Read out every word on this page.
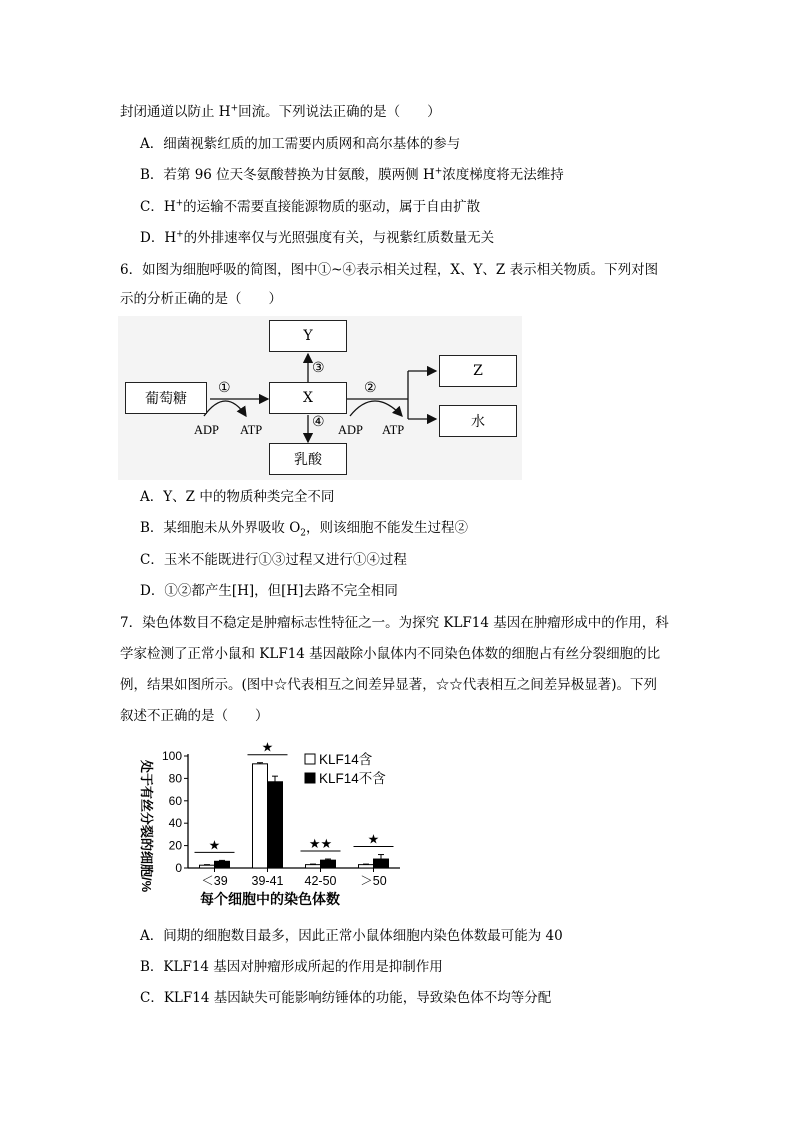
封闭通道以防止 H+回流。下列说法正确的是（　　）
A．细菌视紫红质的加工需要内质网和高尔基体的参与
B．若第 96 位天冬氨酸替换为甘氨酸，膜两侧 H+浓度梯度将无法维持
C．H+的运输不需要直接能源物质的驱动，属于自由扩散
D．H+的外排速率仅与光照强度有关，与视紫红质数量无关
6．如图为细胞呼吸的简图，图中①~④表示相关过程，X、Y、Z 表示相关物质。下列对图
示的分析正确的是（　　）
葡萄糖	X
Y
乳酸
Z
水
①	②
③
④
ADP ATP	ADP ATP
A．Y、Z 中的物质种类完全不同
B．某细胞未从外界吸收 $O_2$，则该细胞不能发生过程②
C．玉米不能既进行①③过程又进行①④过程
D．①②都产生[H]，但[H]去路不完全相同
7．染色体数目不稳定是肿瘤标志性特征之一。为探究 KLF14 基因在肿瘤形成中的作用，科
学家检测了正常小鼠和 KLF14 基因敲除小鼠体内不同染色体数的细胞占有丝分裂细胞的比
例，结果如图所示。(图中☆代表相互之间差异显著，☆☆代表相互之间差异极显著)。下列
叙述不正确的是（　　）
处于有丝分裂的细胞/%
每个细胞中的染色体数
0
20
40
60
80
100
＜39
★
39-41
★
42-50
★★
＞50
★
KLF14含
KLF14不含
A．间期的细胞数目最多，因此正常小鼠体细胞内染色体数最可能为 40
B．KLF14 基因对肿瘤形成所起的作用是抑制作用
C．KLF14 基因缺失可能影响纺锤体的功能，导致染色体不均等分配
